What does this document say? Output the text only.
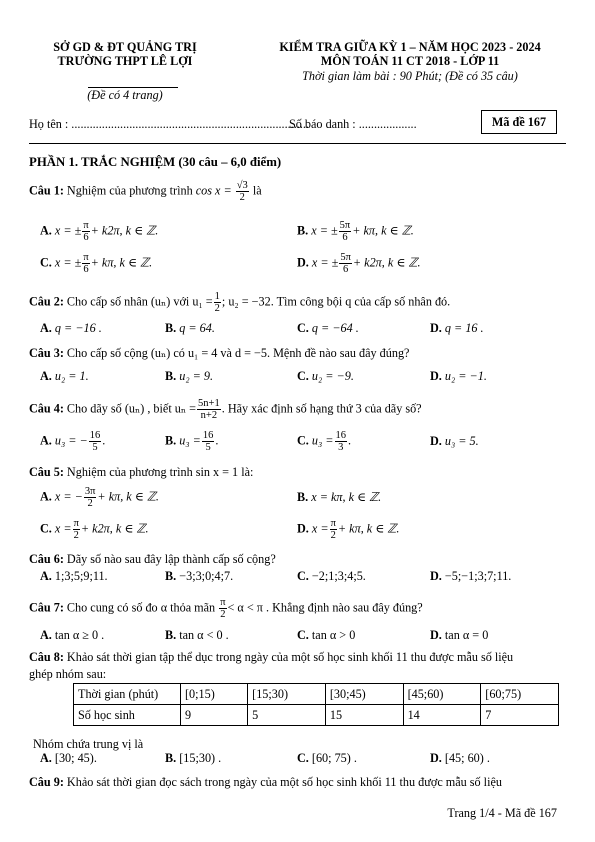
SỞ GD & ĐT QUẢNG TRỊ
TRƯỜNG THPT LÊ LỢI
(Đề có 4 trang)
KIỂM TRA GIỮA KỲ 1 – NĂM HỌC 2023 - 2024
MÔN TOÁN 11 CT 2018 - LỚP 11
Thời gian làm bài : 90 Phút; (Đề có 35 câu)
Họ tên : ..............................................................................
Số báo danh : ...................	Mã đề 167
PHẦN 1. TRẮC NGHIỆM (30 câu – 6,0 điểm)
Câu 1: Nghiệm của phương trình $\cos x = \frac{√3}{2}$ là
A. x = ± $\frac{\pi}{6} + k2\pi$, k ∈ ℤ.	B. x = ± $\frac{5\pi}{6} + k\pi$, k ∈ ℤ.
C. x = ± $\frac{\pi}{6} + k\pi$, k ∈ ℤ.	D. x = ± $\frac{5\pi}{6} + k2\pi$, k ∈ ℤ.
Câu 2: Cho cấp số nhân (uₙ) với $u_1 = \frac{1}{2}$ ; u₂ = −32. Tìm công bội q của cấp số nhân đó.
A. q = −16 .	B. q = 64.	C. q = −64 .	D. q = 16 .
Câu 3: Cho cấp số cộng (uₙ) có u₁ = 4 và d = −5. Mệnh đề nào sau đây đúng?
A. u₂ = 1.	B. u₂ = 9.	C. u₂ = −9.	D. u₂ = −1.
Câu 4: Cho dãy số (uₙ) , biết $u_n = \frac{5n+1}{n+2}$ . Hãy xác định số hạng thứ 3 của dãy số?
A. u₃ = − $\frac{16}{5}$ .	B. $u_3 = \frac{16}{5}$ .	C. $u_3 = \frac{16}{3}$ .	D. u₃ = 5.
Câu 5: Nghiệm của phương trình sin x = 1 là:
A. x = − $\frac{3\pi}{2} + k\pi$, k ∈ ℤ.	B. x = kπ, k ∈ ℤ.
C. $x = \frac{\pi}{2} + k2\pi$, k ∈ ℤ.	D. $x = \frac{\pi}{2} + k\pi$, k ∈ ℤ.
Câu 6: Dãy số nào sau đây lập thành cấp số cộng?
A. 1;3;5;9;11.	B. −3;3;0;4;7.	C. −2;1;3;4;5.	D. −5;−1;3;7;11.
Câu 7: Cho cung có số đo α thỏa mãn $\frac{\pi}{2} < \alpha < \pi$ . Khẳng định nào sau đây đúng?
A. tan α ≥ 0 .	B. tan α < 0 .	C. tan α > 0	D. tan α = 0
Câu 8: Khảo sát thời gian tập thể dục trong ngày của một số học sinh khối 11 thu được mẫu số liệu
ghép nhóm sau:
Thời gian (phút)	[0;15)	[15;30)	[30;45)	[45;60)	[60;75)
Số học sinh	9	5	15	14	7
Nhóm chứa trung vị là
A. [30; 45).	B. [15;30) .	C. [60; 75) .	D. [45; 60) .
Câu 9: Khảo sát thời gian đọc sách trong ngày của một số học sinh khối 11 thu được mẫu số liệu
Trang 1/4 - Mã đề 167
